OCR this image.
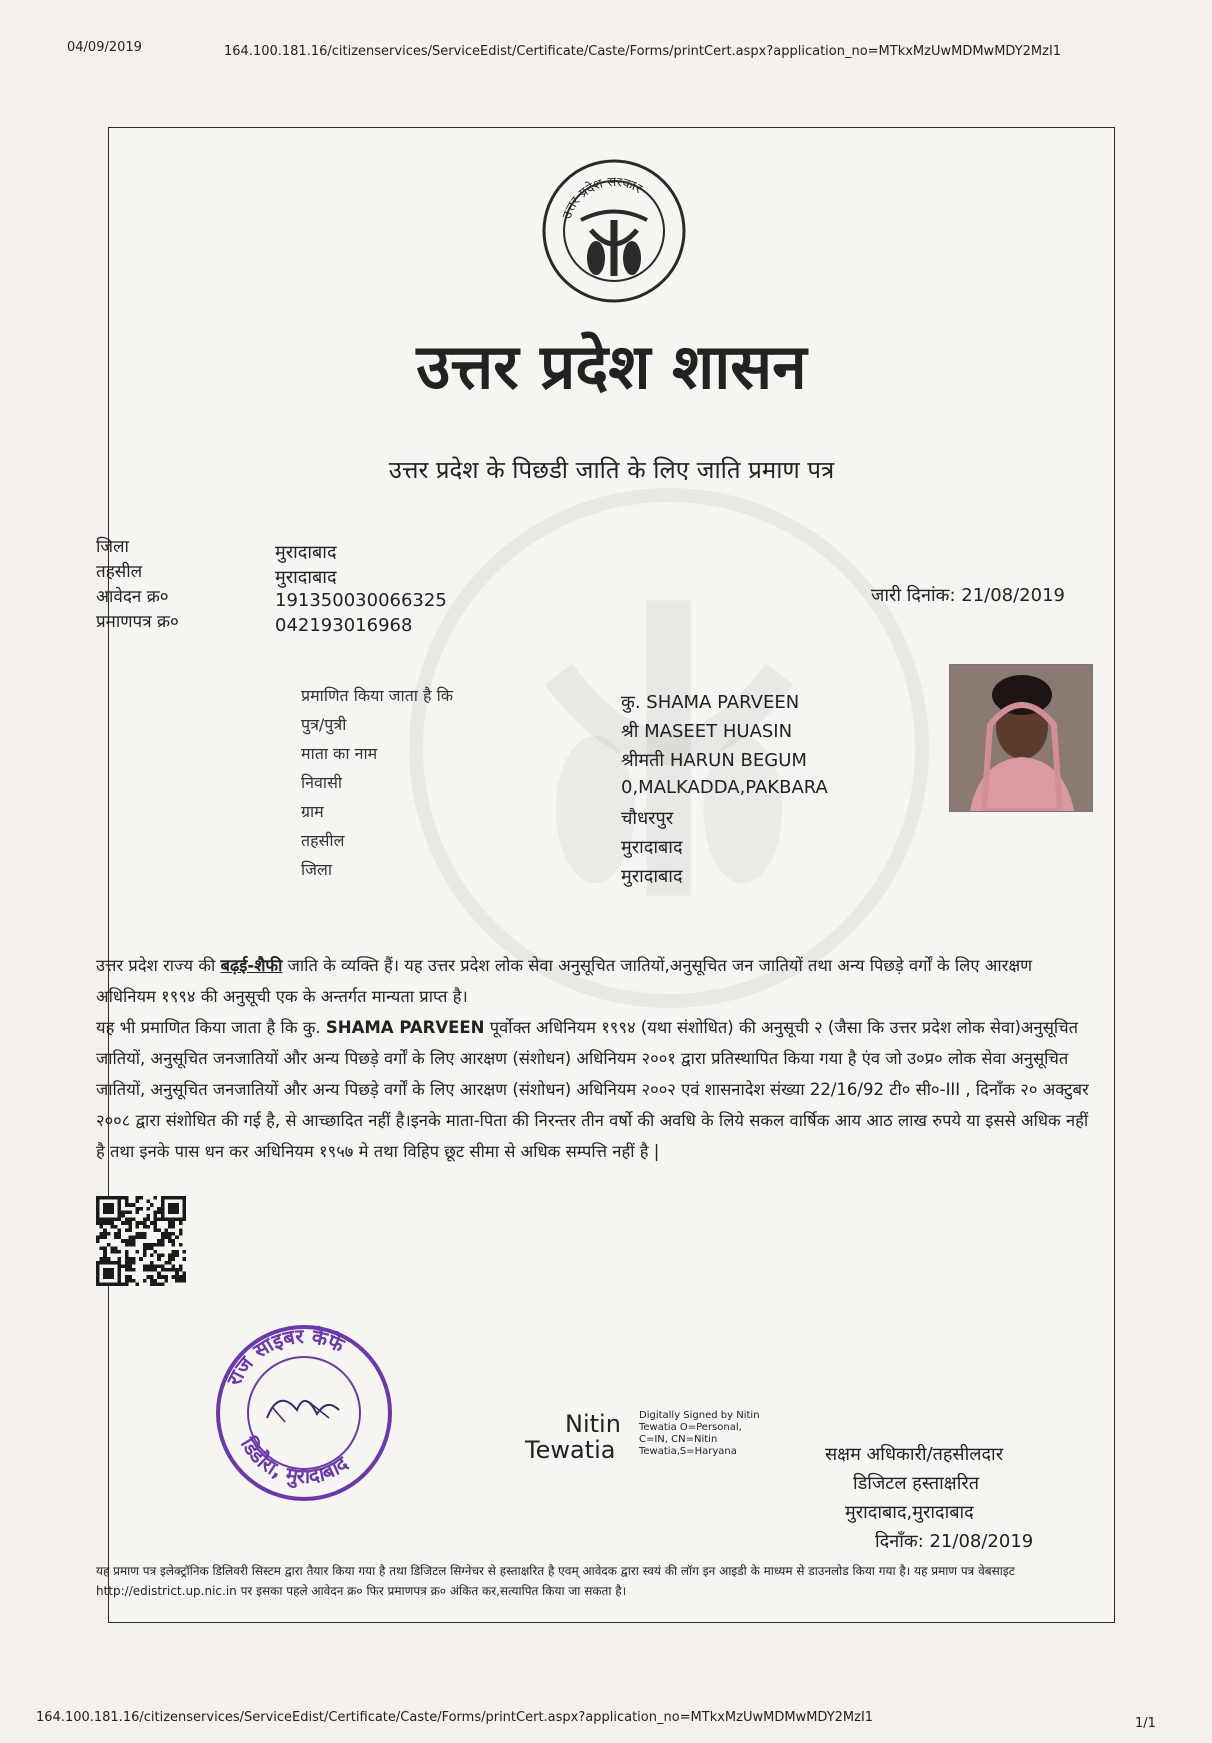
04/09/2019	164.100.181.16/citizenservices/ServiceEdist/Certificate/Caste/Forms/printCert.aspx?application_no=MTkxMzUwMDMwMDY2MzI1
उत्तर प्रदेश सरकार
उत्तर प्रदेश शासन
उत्तर प्रदेश के पिछडी जाति के लिए जाति प्रमाण पत्र
जिला	मुरादाबाद
तहसील	मुरादाबाद
आवेदन क्र०	191350030066325
प्रमाणपत्र क्र०	042193016968
जारी दिनांक: 21/08/2019
प्रमाणित किया जाता है कि	कु. SHAMA PARVEEN
पुत्र/पुत्री	श्री MASEET HUASIN
माता का नाम	श्रीमती HARUN BEGUM
निवासी	0,MALKADDA,PAKBARA
ग्राम	चौधरपुर
तहसील	मुरादाबाद
जिला	मुरादाबाद

उत्तर प्रदेश राज्य की बढ़ई-शैफी जाति के व्यक्ति हैं। यह उत्तर प्रदेश लोक सेवा अनुसूचित जातियों,अनुसूचित जन जातियों तथा अन्य पिछड़े वर्गों के लिए आरक्षण अधिनियम १९९४ की अनुसूची एक के अन्तर्गत मान्यता प्राप्त है।

यह भी प्रमाणित किया जाता है कि कु. SHAMA PARVEEN पूर्वोक्त अधिनियम १९९४ (यथा संशोधित) की अनुसूची २ (जैसा कि उत्तर प्रदेश लोक सेवा)अनुसूचित जातियों, अनुसूचित जनजातियों और अन्य पिछड़े वर्गों के लिए आरक्षण (संशोधन) अधिनियम २००१ द्वारा प्रतिस्थापित किया गया है एंव जो उ०प्र० लोक सेवा अनुसूचित जातियों, अनुसूचित जनजातियों और अन्य पिछड़े वर्गों के लिए आरक्षण (संशोधन) अधिनियम २००२ एवं शासनादेश संख्या 22/16/92 टी० सी०-III , दिनाँक २० अक्टुबर २००८ द्वारा संशोधित की गई है, से आच्छादित नहीं है।इनके माता-पिता की निरन्तर तीन वर्षो की अवधि के लिये सकल वार्षिक आय आठ लाख रुपये या इससे अधिक नहीं है तथा इनके पास धन कर अधिनियम १९५७ मे तथा विहिप छूट सीमा से अधिक सम्पत्ति नहीं है |

राज साइबर कैफे
डिडौरा, मुरादाबाद
Nitin
Tewatia
Digitally Signed by Nitin
Tewatia O=Personal,
C=IN, CN=Nitin
Tewatia,S=Haryana	सक्षम अधिकारी/तहसीलदार
डिजिटल हस्ताक्षरित
मुरादाबाद,मुरादाबाद
दिनाँक: 21/08/2019
यह प्रमाण पत्र इलेक्ट्रॉनिक डिलिवरी सिस्टम द्वारा तैयार किया गया है तथा डिजिटल सिग्नेचर से हस्ताक्षरित है एवम् आवेदक द्वारा स्वयं की लॉग इन आइडी के माध्यम से डाउनलोड किया गया है। यह प्रमाण पत्र वेबसाइट http://edistrict.up.nic.in पर इसका पहले आवेदन क्र० फिर प्रमाणपत्र क्र० अंकित कर,सत्यापित किया जा सकता है।
164.100.181.16/citizenservices/ServiceEdist/Certificate/Caste/Forms/printCert.aspx?application_no=MTkxMzUwMDMwMDY2MzI1	1/1
